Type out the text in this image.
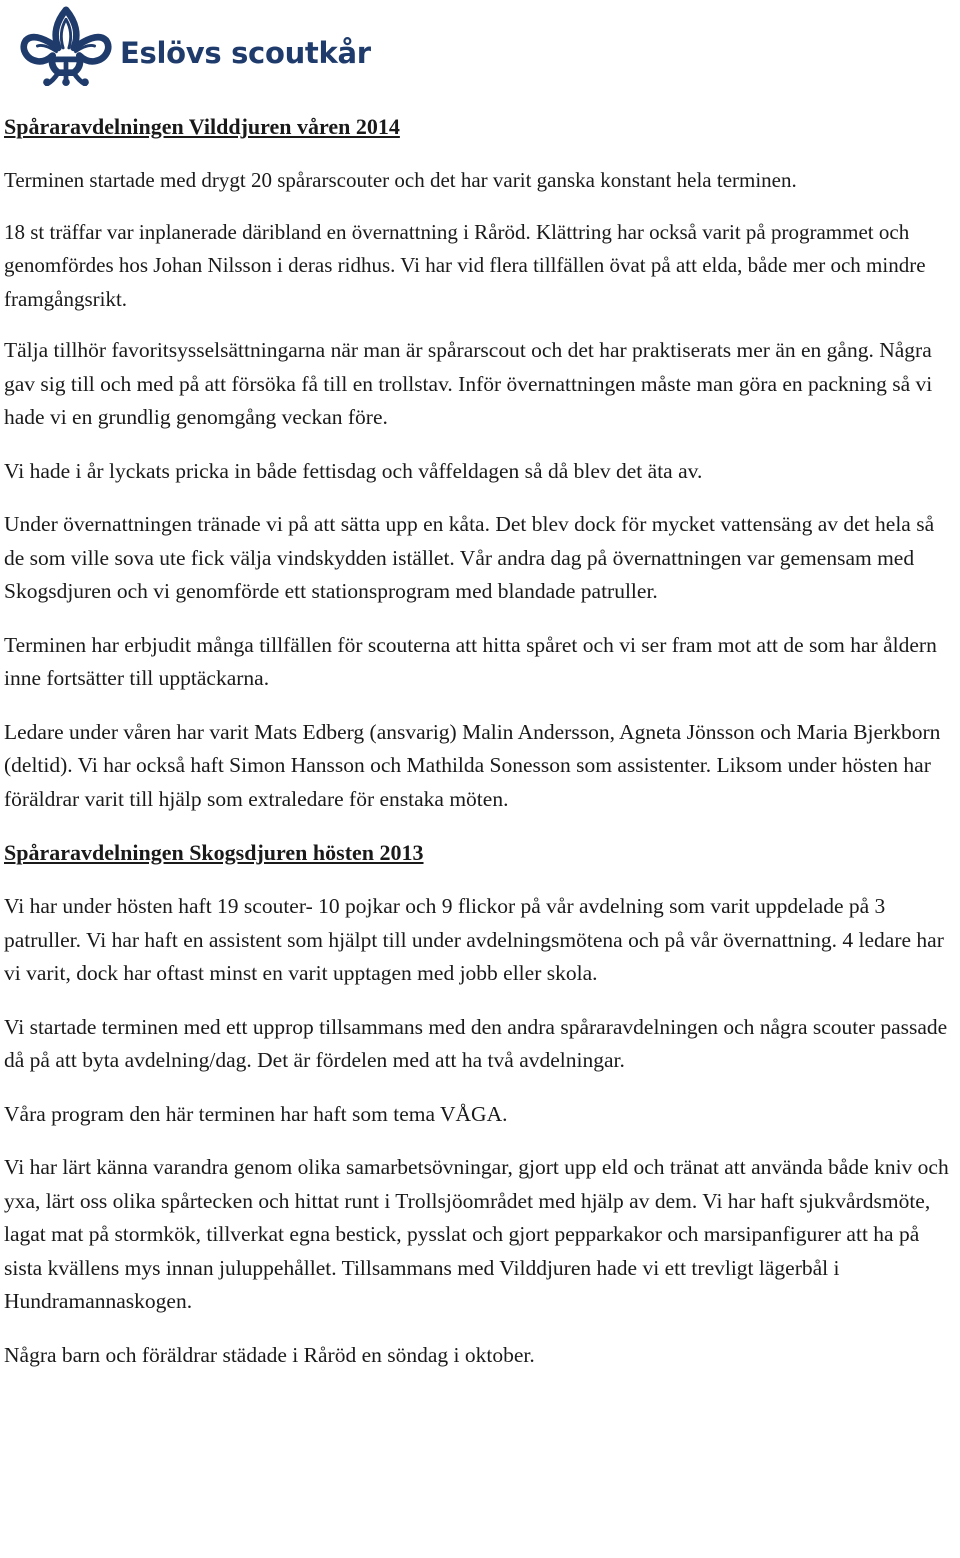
Eslövs scoutkår
Spåraravdelningen Vilddjuren våren 2014
Terminen startade med drygt 20 spårarscouter och det har varit ganska konstant hela terminen.
18 st träffar var inplanerade däribland en övernattning i Råröd. Klättring har också varit på programmet och genomfördes hos Johan Nilsson i deras ridhus. Vi har vid flera tillfällen övat på att elda, både mer och mindre framgångsrikt.
Tälja tillhör favoritsysselsättningarna när man är spårarscout och det har praktiserats mer än en gång. Några gav sig till och med på att försöka få till en trollstav. Inför övernattningen måste man göra en packning så vi hade vi en grundlig genomgång veckan före.
Vi hade i år lyckats pricka in både fettisdag och våffeldagen så då blev det äta av.
Under övernattningen tränade vi på att sätta upp en kåta. Det blev dock för mycket vattensäng av det hela så de som ville sova ute fick välja vindskydden istället. Vår andra dag på övernattningen var gemensam med Skogsdjuren och vi genomförde ett stationsprogram med blandade patruller.
Terminen har erbjudit många tillfällen för scouterna att hitta spåret och vi ser fram mot att de som har åldern inne fortsätter till upptäckarna.
Ledare under våren har varit Mats Edberg (ansvarig) Malin Andersson, Agneta Jönsson och Maria Bjerkborn (deltid). Vi har också haft Simon Hansson och Mathilda Sonesson som assistenter. Liksom under hösten har föräldrar varit till hjälp som extraledare för enstaka möten.
Spåraravdelningen Skogsdjuren hösten 2013
Vi har under hösten haft 19 scouter- 10 pojkar och 9 flickor på vår avdelning som varit uppdelade på 3 patruller. Vi har haft en assistent som hjälpt till under avdelningsmötena och på vår övernattning. 4 ledare har vi varit, dock har oftast minst en varit upptagen med jobb eller skola.
Vi startade terminen med ett upprop tillsammans med den andra spåraravdelningen och några scouter passade då på att byta avdelning/dag. Det är fördelen med att ha två avdelningar.
Våra program den här terminen har haft som tema VÅGA.
Vi har lärt känna varandra genom olika samarbetsövningar, gjort upp eld och tränat att använda både kniv och yxa, lärt oss olika spårtecken och hittat runt i Trollsjöområdet med hjälp av dem. Vi har haft sjukvårdsmöte, lagat mat på stormkök, tillverkat egna bestick, pysslat och gjort pepparkakor och marsipanfigurer att ha på sista kvällens mys innan juluppehållet. Tillsammans med Vilddjuren hade vi ett trevligt lägerbål i Hundramannaskogen.
Några barn och föräldrar städade i Råröd en söndag i oktober.
